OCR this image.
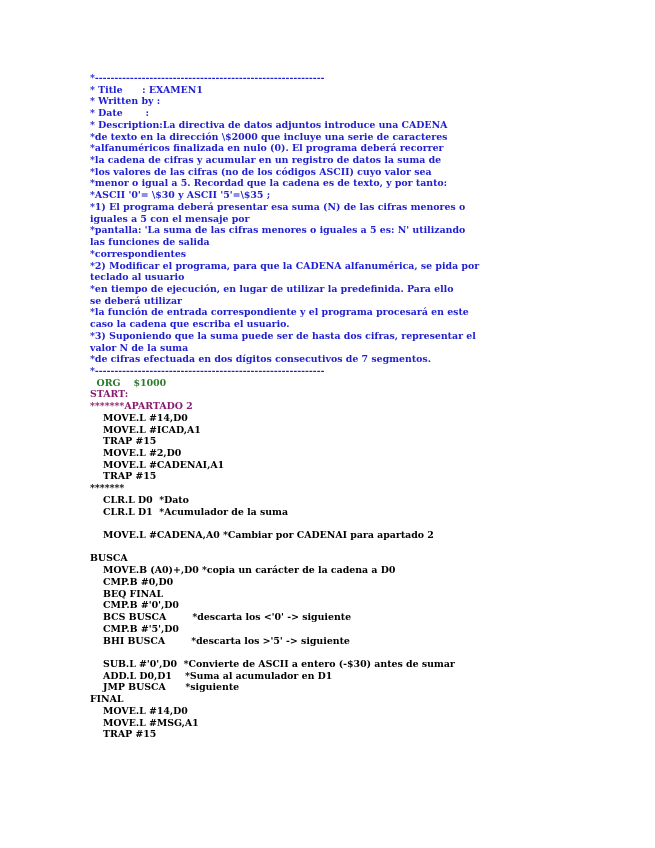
*-----------------------------------------------------------
* Title      : EXAMEN1
* Written by :
* Date       :
* Description:La directiva de datos adjuntos introduce una CADENA
*de texto en la dirección \$2000 que incluye una serie de caracteres
*alfanuméricos finalizada en nulo (0). El programa deberá recorrer
*la cadena de cifras y acumular en un registro de datos la suma de
*los valores de las cifras (no de los códigos ASCII) cuyo valor sea
*menor o igual a 5. Recordad que la cadena es de texto, y por tanto:
*ASCII '0'= \$30 y ASCII '5'=\$35 ;
*1) El programa deberá presentar esa suma (N) de las cifras menores o
iguales a 5 con el mensaje por
*pantalla: 'La suma de las cifras menores o iguales a 5 es: N' utilizando
las funciones de salida
*correspondientes
*2) Modificar el programa, para que la CADENA alfanumérica, se pida por
teclado al usuario
*en tiempo de ejecución, en lugar de utilizar la predefinida. Para ello
se deberá utilizar
*la función de entrada correspondiente y el programa procesará en este
caso la cadena que escriba el usuario.
*3) Suponiendo que la suma puede ser de hasta dos cifras, representar el
valor N de la suma
*de cifras efectuada en dos dígitos consecutivos de 7 segmentos.
*-----------------------------------------------------------
ORG    $1000
START:
*******APARTADO 2
MOVE.L #14,D0
MOVE.L #ICAD,A1
TRAP #15
MOVE.L #2,D0
MOVE.L #CADENAI,A1
TRAP #15
*******
CLR.L D0  *Dato
CLR.L D1  *Acumulador de la suma

MOVE.L #CADENA,A0 *Cambiar por CADENAI para apartado 2

BUSCA
MOVE.B (A0)+,D0 *copia un carácter de la cadena a D0
CMP.B #0,D0
BEQ FINAL
CMP.B #'0',D0
BCS BUSCA        *descarta los <'0' -> siguiente
CMP.B #'5',D0
BHI BUSCA        *descarta los >'5' -> siguiente

SUB.L #'0',D0  *Convierte de ASCII a entero (-$30) antes de sumar
ADD.L D0,D1    *Suma al acumulador en D1
JMP BUSCA      *siguiente
FINAL
MOVE.L #14,D0
MOVE.L #MSG,A1
TRAP #15
